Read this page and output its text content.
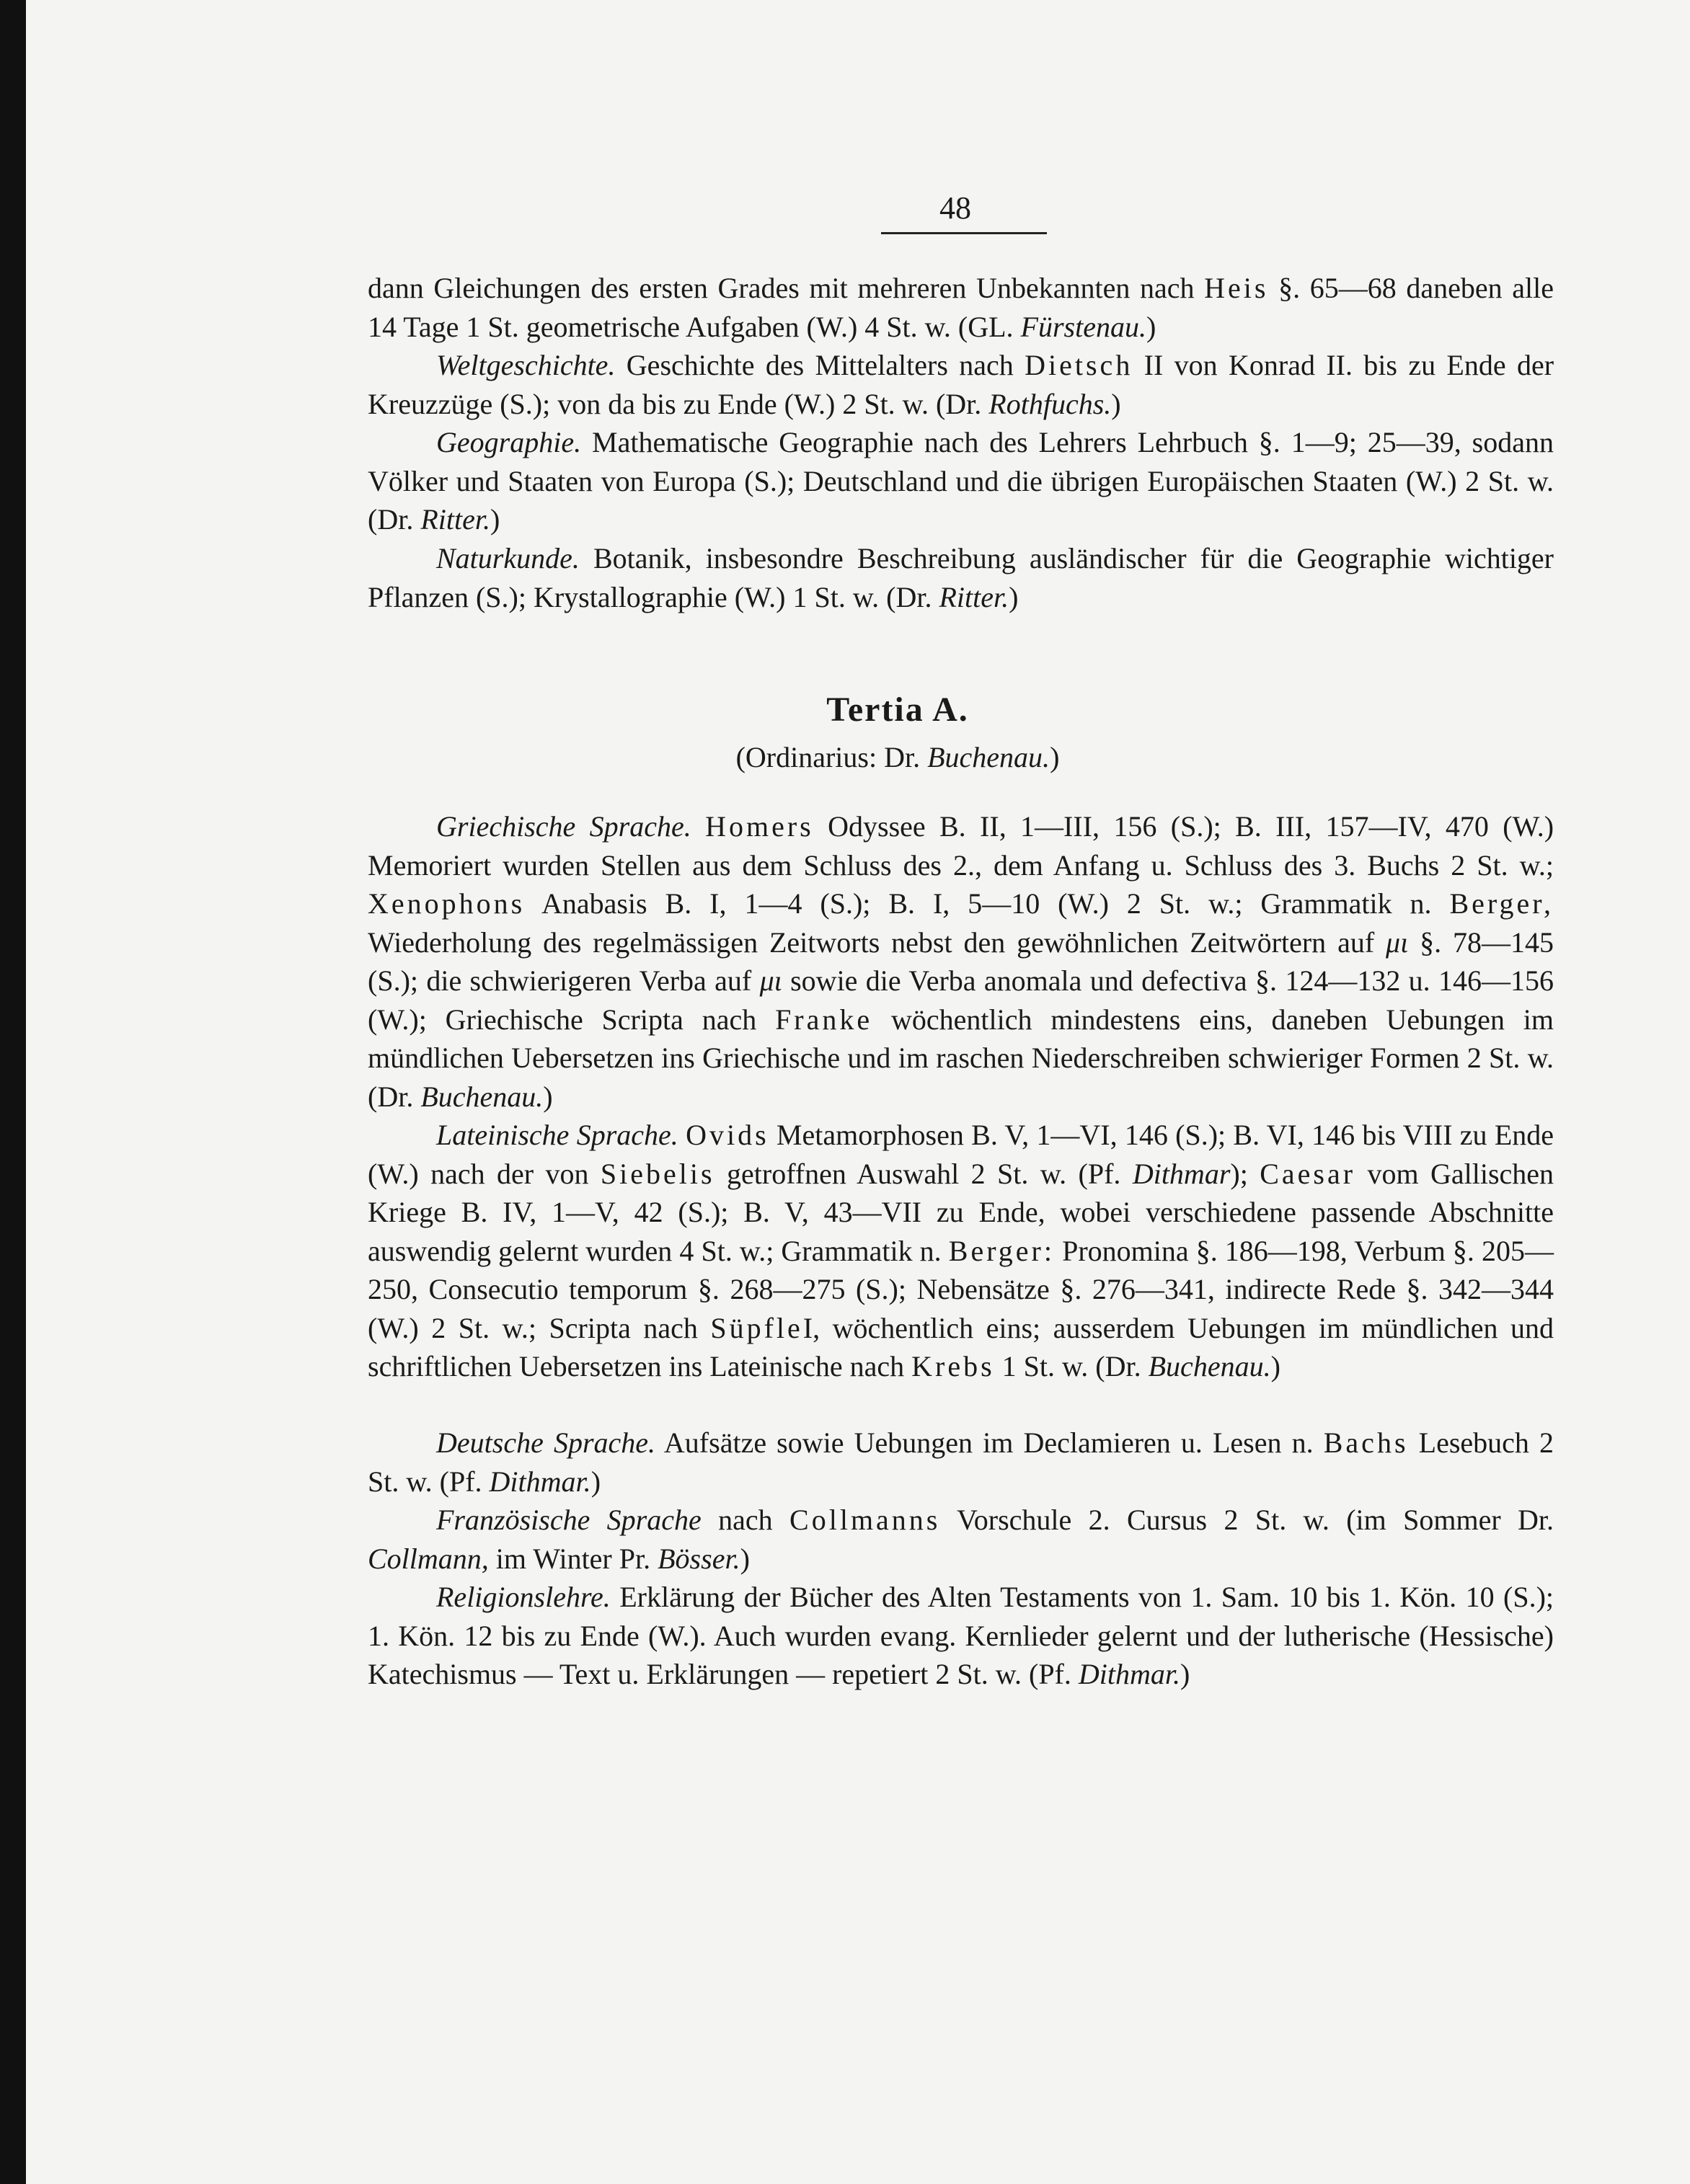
48

dann Gleichungen des ersten Grades mit mehreren Unbekannten nach Heis §. 65—68 daneben alle 14 Tage 1 St. geometrische Aufgaben (W.) 4 St. w. (GL. Fürstenau.)

Weltgeschichte. Geschichte des Mittelalters nach Dietsch II von Konrad II. bis zu Ende der Kreuzzüge (S.); von da bis zu Ende (W.) 2 St. w. (Dr. Rothfuchs.)

Geographie. Mathematische Geographie nach des Lehrers Lehrbuch §. 1—9; 25—39, sodann Völker und Staaten von Europa (S.); Deutschland und die übrigen Europäischen Staaten (W.) 2 St. w. (Dr. Ritter.)

Naturkunde. Botanik, insbesondre Beschreibung ausländischer für die Geographie wichtiger Pflanzen (S.); Krystallographie (W.) 1 St. w. (Dr. Ritter.)

Tertia A.
(Ordinarius: Dr. Buchenau.)

Griechische Sprache. Homers Odyssee B. II, 1—III, 156 (S.); B. III, 157—IV, 470 (W.) Memoriert wurden Stellen aus dem Schluss des 2., dem Anfang u. Schluss des 3. Buchs 2 St. w.; Xenophons Anabasis B. I, 1—4 (S.); B. I, 5—10 (W.) 2 St. w.; Grammatik n. Berger, Wiederholung des regelmässigen Zeitworts nebst den gewöhnlichen Zeitwörtern auf μι §. 78—145 (S.); die schwierigeren Verba auf μι sowie die Verba anomala und defectiva §. 124—132 u. 146—156 (W.); Griechische Scripta nach Franke wöchentlich mindestens eins, daneben Uebungen im mündlichen Uebersetzen ins Griechische und im raschen Niederschreiben schwieriger Formen 2 St. w. (Dr. Buchenau.)

Lateinische Sprache. Ovids Metamorphosen B. V, 1—VI, 146 (S.); B. VI, 146 bis VIII zu Ende (W.) nach der von Siebelis getroffnen Auswahl 2 St. w. (Pf. Dithmar); Caesar vom Gallischen Kriege B. IV, 1—V, 42 (S.); B. V, 43—VII zu Ende, wobei verschiedene passende Abschnitte auswendig gelernt wurden 4 St. w.; Grammatik n. Berger: Pronomina §. 186—198, Verbum §. 205—250, Consecutio temporum §. 268—275 (S.); Nebensätze §. 276—341, indirecte Rede §. 342—344 (W.) 2 St. w.; Scripta nach SüpfleI, wöchentlich eins; ausserdem Uebungen im mündlichen und schriftlichen Uebersetzen ins Lateinische nach Krebs 1 St. w. (Dr. Buchenau.)

Deutsche Sprache. Aufsätze sowie Uebungen im Declamieren u. Lesen n. Bachs Lesebuch 2 St. w. (Pf. Dithmar.)

Französische Sprache nach Collmanns Vorschule 2. Cursus 2 St. w. (im Sommer Dr. Collmann, im Winter Pr. Bösser.)

Religionslehre. Erklärung der Bücher des Alten Testaments von 1. Sam. 10 bis 1. Kön. 10 (S.); 1. Kön. 12 bis zu Ende (W.). Auch wurden evang. Kernlieder gelernt und der lutherische (Hessische) Katechismus — Text u. Erklärungen — repetiert 2 St. w. (Pf. Dithmar.)
